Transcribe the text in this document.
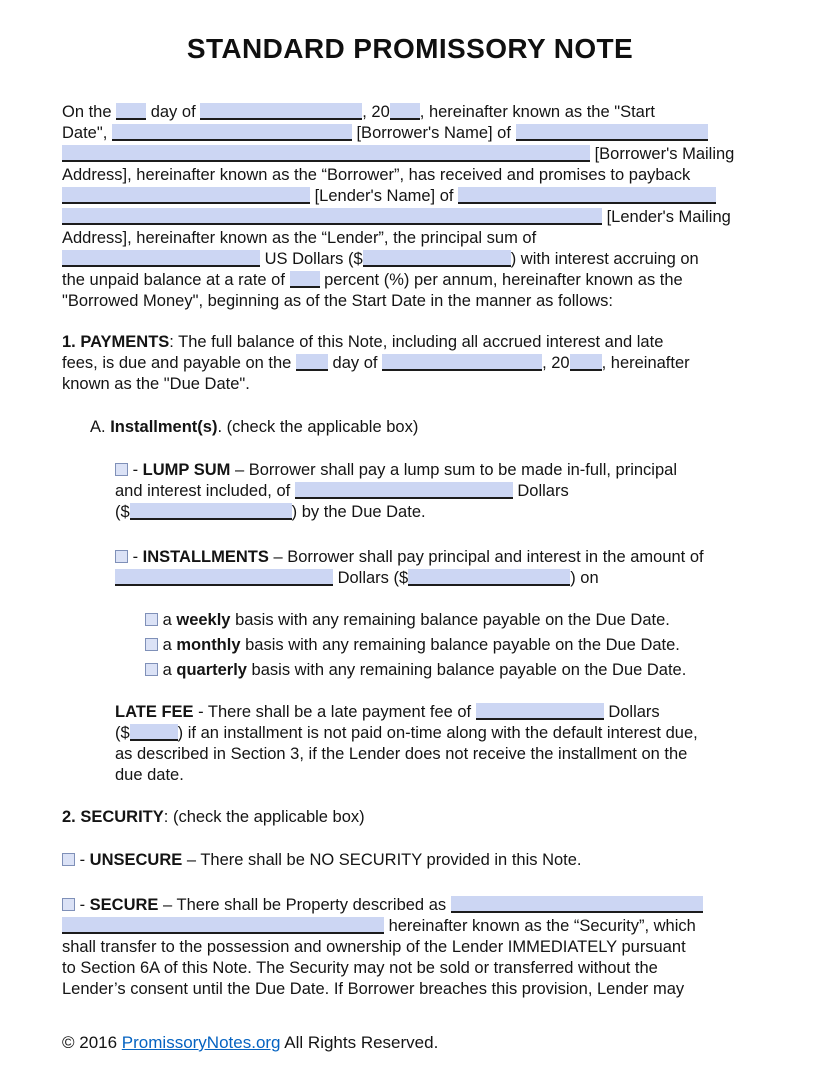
STANDARD PROMISSORY NOTE
On the  day of	, 20 , hereinafter known as the "Start
Date",	[Borrower's Name] of
[Borrower's Mailing
Address], hereinafter known as the “Borrower”, has received and promises to payback
[Lender's Name] of
[Lender's Mailing
Address], hereinafter known as the “Lender”, the principal sum of
US Dollars ($	) with interest accruing on
the unpaid balance at a rate of  percent (%) per annum, hereinafter known as the
"Borrowed Money", beginning as of the Start Date in the manner as follows:
1. PAYMENTS: The full balance of this Note, including all accrued interest and late
fees, is due and payable on the  day of	, 20 , hereinafter
known as the "Due Date".
A. Installment(s). (check the applicable box)
- LUMP SUM – Borrower shall pay a lump sum to be made in-full, principal
and interest included, of	Dollars
($	) by the Due Date.
- INSTALLMENTS – Borrower shall pay principal and interest in the amount of
Dollars ($	) on
a weekly basis with any remaining balance payable on the Due Date.
a monthly basis with any remaining balance payable on the Due Date.
a quarterly basis with any remaining balance payable on the Due Date.
LATE FEE - There shall be a late payment fee of	Dollars
($	) if an installment is not paid on-time along with the default interest due,
as described in Section 3, if the Lender does not receive the installment on the
due date.
2. SECURITY: (check the applicable box)
- UNSECURE – There shall be NO SECURITY provided in this Note.
- SECURE – There shall be Property described as
hereinafter known as the “Security”, which
shall transfer to the possession and ownership of the Lender IMMEDIATELY pursuant
to Section 6A of this Note. The Security may not be sold or transferred without the
Lender’s consent until the Due Date. If Borrower breaches this provision, Lender may
© 2016 PromissoryNotes.org All Rights Reserved.
